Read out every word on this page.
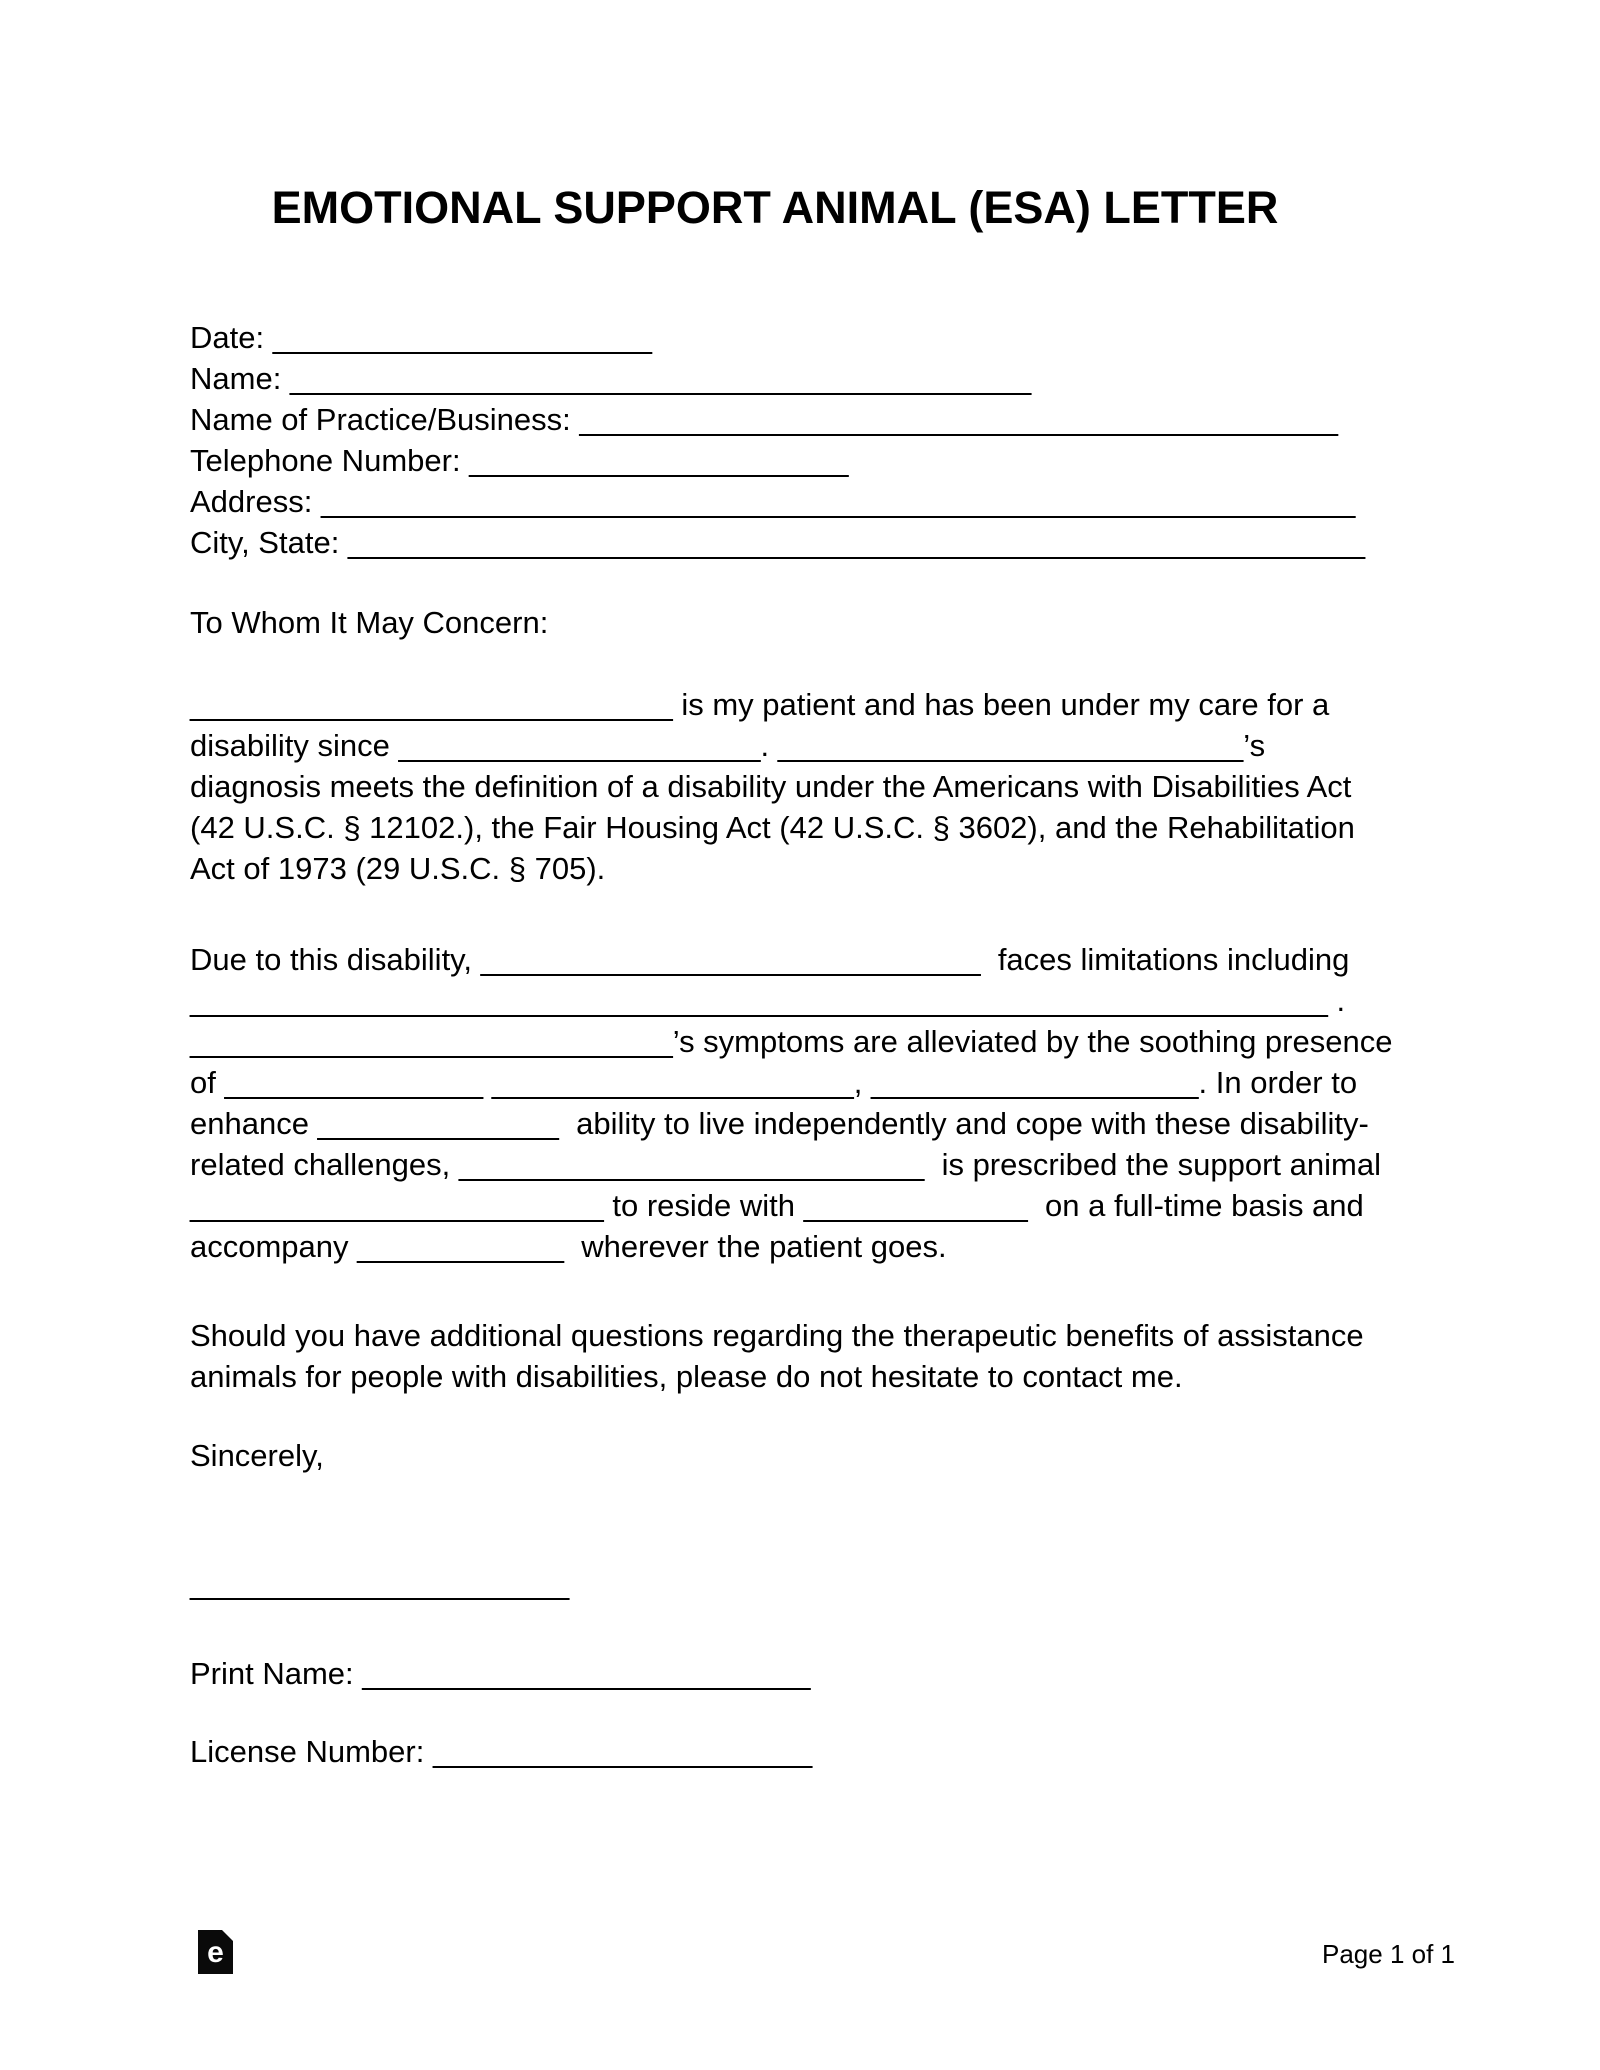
EMOTIONAL SUPPORT ANIMAL (ESA) LETTER
Date: ______________________
Name: ___________________________________________
Name of Practice/Business: ____________________________________________
Telephone Number: ______________________
Address: ____________________________________________________________
City, State: ___________________________________________________________
To Whom It May Concern:
____________________________ is my patient and has been under my care for a
disability since _____________________. ___________________________’s
diagnosis meets the definition of a disability under the Americans with Disabilities Act
(42 U.S.C. § 12102.), the Fair Housing Act (42 U.S.C. § 3602), and the Rehabilitation
Act of 1973 (29 U.S.C. § 705).
Due to this disability, _____________________________  faces limitations including
__________________________________________________________________ .
____________________________’s symptoms are alleviated by the soothing presence
of _______________ _____________________, ___________________. In order to
enhance ______________  ability to live independently and cope with these disability-
related challenges, ___________________________  is prescribed the support animal
________________________ to reside with _____________  on a full-time basis and
accompany ____________  wherever the patient goes.
Should you have additional questions regarding the therapeutic benefits of assistance
animals for people with disabilities, please do not hesitate to contact me.
Sincerely,
______________________
Print Name: __________________________
License Number: ______________________
e	Page 1 of 1
